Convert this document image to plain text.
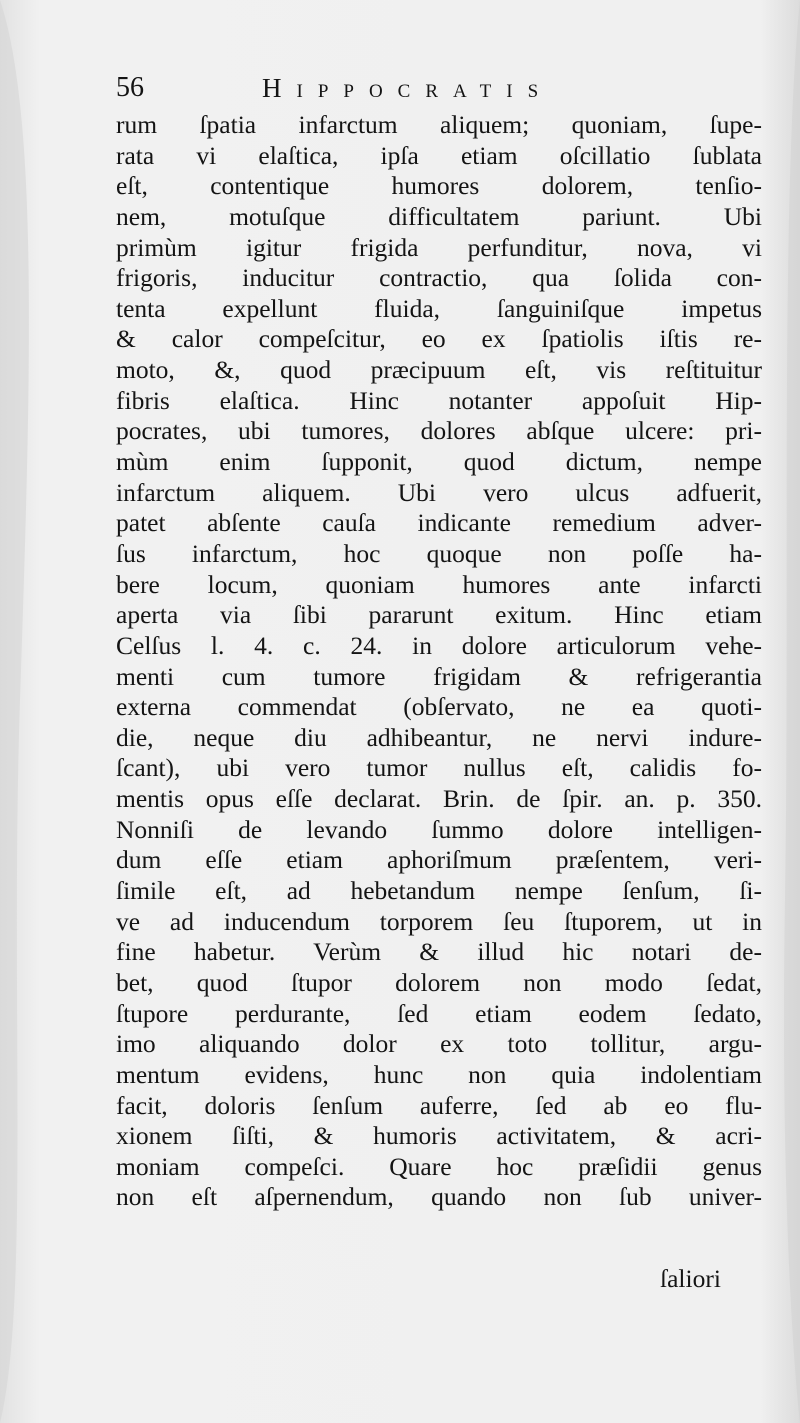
56	Hippocratis
rum ſpatia infarctum aliquem; quoniam, ſupe-
rata vi elaſtica, ipſa etiam oſcillatio ſublata
eſt, contentique humores dolorem, tenſio-
nem, motuſque difficultatem pariunt. Ubi
primùm igitur frigida perfunditur, nova, vi
frigoris, inducitur contractio, qua ſolida con-
tenta expellunt fluida, ſanguiniſque impetus
& calor compeſcitur, eo ex ſpatiolis iſtis re-
moto, &, quod præcipuum eſt, vis reſtituitur
fibris elaſtica. Hinc notanter appoſuit Hip-
pocrates, ubi tumores, dolores abſque ulcere: pri-
mùm enim ſupponit, quod dictum, nempe
infarctum aliquem. Ubi vero ulcus adfuerit,
patet abſente cauſa indicante remedium adver-
ſus infarctum, hoc quoque non poſſe ha-
bere locum, quoniam humores ante infarcti
aperta via ſibi pararunt exitum. Hinc etiam
Celſus l. 4. c. 24. in dolore articulorum vehe-
menti cum tumore frigidam & refrigerantia
externa commendat (obſervato, ne ea quoti-
die, neque diu adhibeantur, ne nervi indure-
ſcant), ubi vero tumor nullus eſt, calidis fo-
mentis opus eſſe declarat. Brin. de ſpir. an. p. 350.
Nonniſi de levando ſummo dolore intelligen-
dum eſſe etiam aphoriſmum præſentem, veri-
ſimile eſt, ad hebetandum nempe ſenſum, ſi-
ve ad inducendum torporem ſeu ſtuporem, ut in
fine habetur. Verùm & illud hic notari de-
bet, quod ſtupor dolorem non modo ſedat,
ſtupore perdurante, ſed etiam eodem ſedato,
imo aliquando dolor ex toto tollitur, argu-
mentum evidens, hunc non quia indolentiam
facit, doloris ſenſum auferre, ſed ab eo flu-
xionem ſiſti, & humoris activitatem, & acri-
moniam compeſci. Quare hoc præſidii genus
non eſt aſpernendum, quando non ſub univer-
ſaliori
